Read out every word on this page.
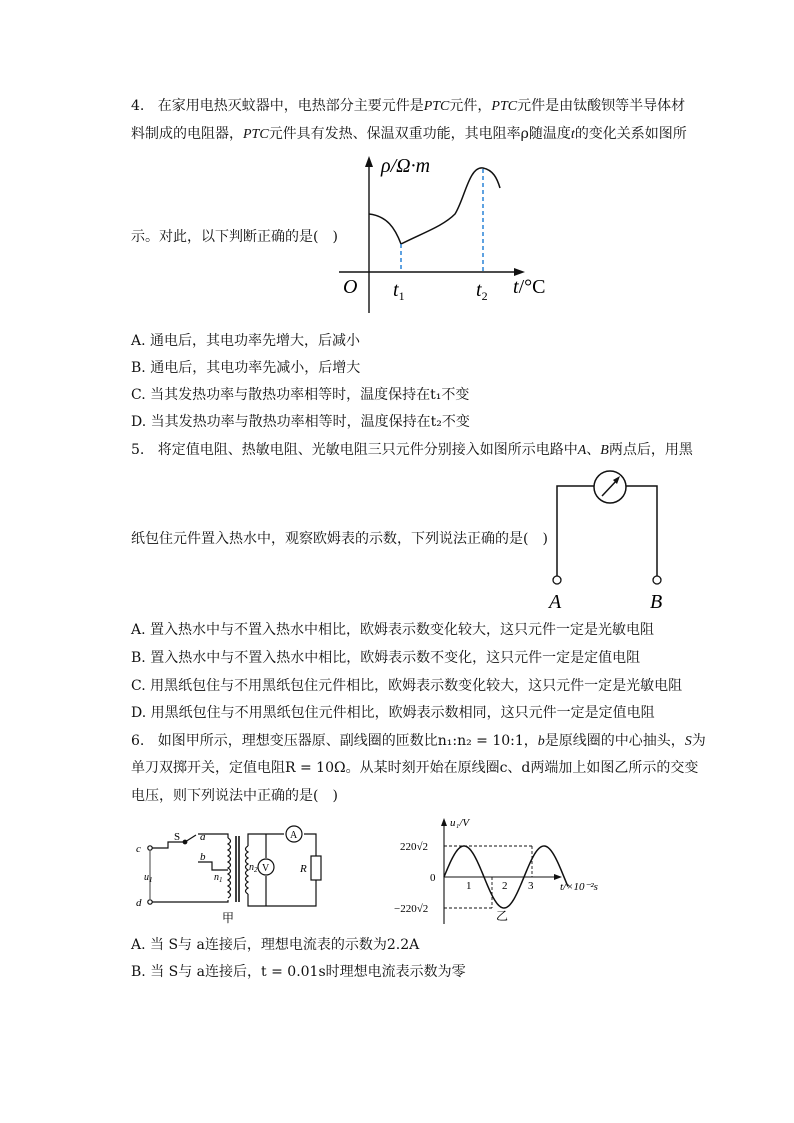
4. 在家用电热灭蚊器中，电热部分主要元件是PTC元件，PTC元件是由钛酸钡等半导体材
料制成的电阻器，PTC元件具有发热、保温双重功能，其电阻率ρ随温度t的变化关系如图所
示。对此，以下判断正确的是(　)
ρ/Ω·m
O $t_1$	$t_2$ t/°C
A. 通电后，其电功率先增大，后减小
B. 通电后，其电功率先减小，后增大
C. 当其发热功率与散热功率相等时，温度保持在t₁不变
D. 当其发热功率与散热功率相等时，温度保持在t₂不变
5. 将定值电阻、热敏电阻、光敏电阻三只元件分别接入如图所示电路中A、B两点后，用黑
纸包住元件置入热水中，观察欧姆表的示数，下列说法正确的是(　)
A	B
A. 置入热水中与不置入热水中相比，欧姆表示数变化较大，这只元件一定是光敏电阻
B. 置入热水中与不置入热水中相比，欧姆表示数不变化，这只元件一定是定值电阻
C. 用黑纸包住与不用黑纸包住元件相比，欧姆表示数变化较大，这只元件一定是光敏电阻
D. 用黑纸包住与不用黑纸包住元件相比，欧姆表示数相同，这只元件一定是定值电阻
6. 如图甲所示，理想变压器原、副线圈的匝数比n₁:n₂ = 10:1，b是原线圈的中心抽头，S为
单刀双掷开关，定值电阻R = 10Ω。从某时刻开始在原线圈c、d两端加上如图乙所示的交变
电压，则下列说法中正确的是(　)
c
d
S a
b
$u_1$	$n_1$
$n_2$
A
V	R
甲
220√2
0
−220√2
1	2 3
u₁/V
t/×10⁻²s
乙
A. 当 S与 a连接后，理想电流表的示数为2.2A
B. 当 S与 a连接后，t = 0.01s时理想电流表示数为零
